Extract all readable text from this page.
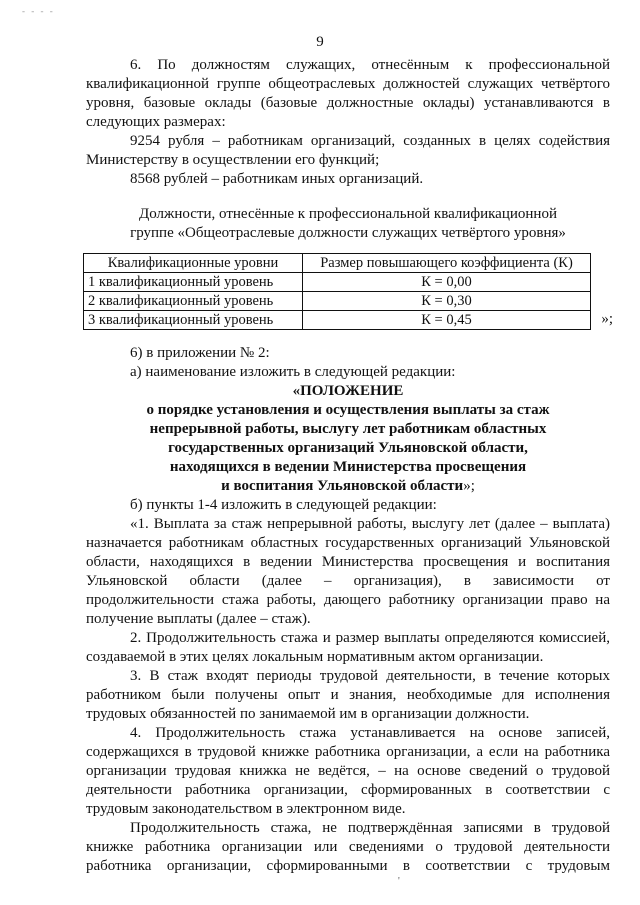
- - - -
9

6. По должностям служащих, отнесённым к профессиональной квалификационной группе общеотраслевых должностей служащих четвёртого уровня, базовые оклады (базовые должностные оклады) устанавливаются в следующих размерах:

9254 рубля – работникам организаций, созданных в целях содействия Министерству в осуществлении его функций;

8568 рублей – работникам иных организаций.

Должности, отнесённые к профессиональной квалификационной
группе «Общеотраслевые должности служащих четвёртого уровня»
Квалификационные уровни	Размер повышающего коэффициента (К)
1 квалификационный уровень	К = 0,00
2 квалификационный уровень	К = 0,30
3 квалификационный уровень	К = 0,45	»;

6) в приложении № 2:

а) наименование изложить в следующей редакции:

«ПОЛОЖЕНИЕ
о порядке установления и осуществления выплаты за стаж
непрерывной работы, выслугу лет работникам областных
государственных организаций Ульяновской области,
находящихся в ведении Министерства просвещения
и воспитания Ульяновской области»;

б) пункты 1-4 изложить в следующей редакции:

«1. Выплата за стаж непрерывной работы, выслугу лет (далее – выплата) назначается работникам областных государственных организаций Ульяновской области, находящихся в ведении Министерства просвещения и воспитания Ульяновской области (далее – организация), в зависимости от продолжительности стажа работы, дающего работнику организации право на получение выплаты (далее – стаж).

2. Продолжительность стажа и размер выплаты определяются комиссией, создаваемой в этих целях локальным нормативным актом организации.

3. В стаж входят периоды трудовой деятельности, в течение которых работником были получены опыт и знания, необходимые для исполнения трудовых обязанностей по занимаемой им в организации должности.

4. Продолжительность стажа устанавливается на основе записей, содержащихся в трудовой книжке работника организации, а если на работника организации трудовая книжка не ведётся, – на основе сведений о трудовой деятельности работника организации, сформированных в соответствии с трудовым законодательством в электронном виде.

Продолжительность стажа, не подтверждённая записями в трудовой книжке работника организации или сведениями о трудовой деятельности работника организации, сформированными в соответствии с трудовым

'
